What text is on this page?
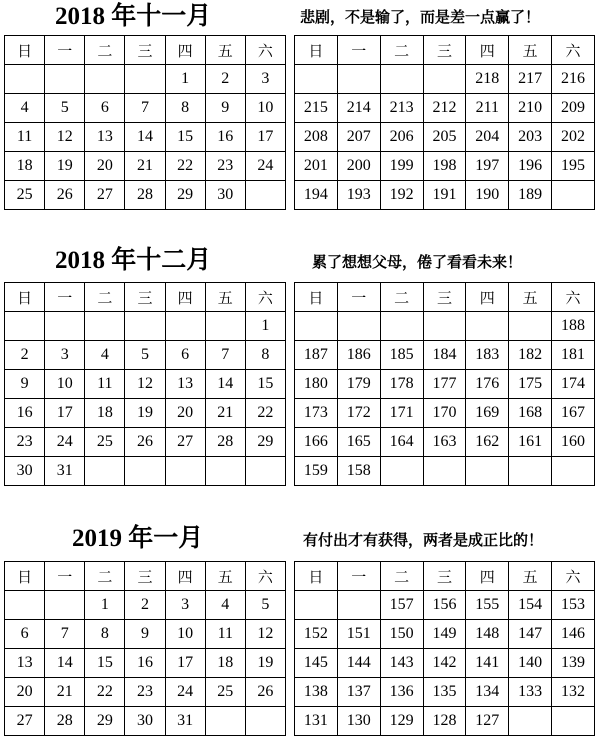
2018 年十一月	悲剧，不是输了，而是差一点赢了！
日	一	二	三	四	五	六
				1	2	3
4	5	6	7	8	9	10
11	12	13	14	15	16	17
18	19	20	21	22	23	24
25	26	27	28	29	30	
日	一	二	三	四	五	六
				218	217	216
215	214	213	212	211	210	209
208	207	206	205	204	203	202
201	200	199	198	197	196	195
194	193	192	191	190	189	
2018 年十二月	累了想想父母，倦了看看未来！
日	一	二	三	四	五	六
						1
2	3	4	5	6	7	8
9	10	11	12	13	14	15
16	17	18	19	20	21	22
23	24	25	26	27	28	29
30	31					
日	一	二	三	四	五	六
						188
187	186	185	184	183	182	181
180	179	178	177	176	175	174
173	172	171	170	169	168	167
166	165	164	163	162	161	160
159	158					
2019 年一月	有付出才有获得，两者是成正比的！
日	一	二	三	四	五	六
		1	2	3	4	5
6	7	8	9	10	11	12
13	14	15	16	17	18	19
20	21	22	23	24	25	26
27	28	29	30	31		
日	一	二	三	四	五	六
		157	156	155	154	153
152	151	150	149	148	147	146
145	144	143	142	141	140	139
138	137	136	135	134	133	132
131	130	129	128	127		
